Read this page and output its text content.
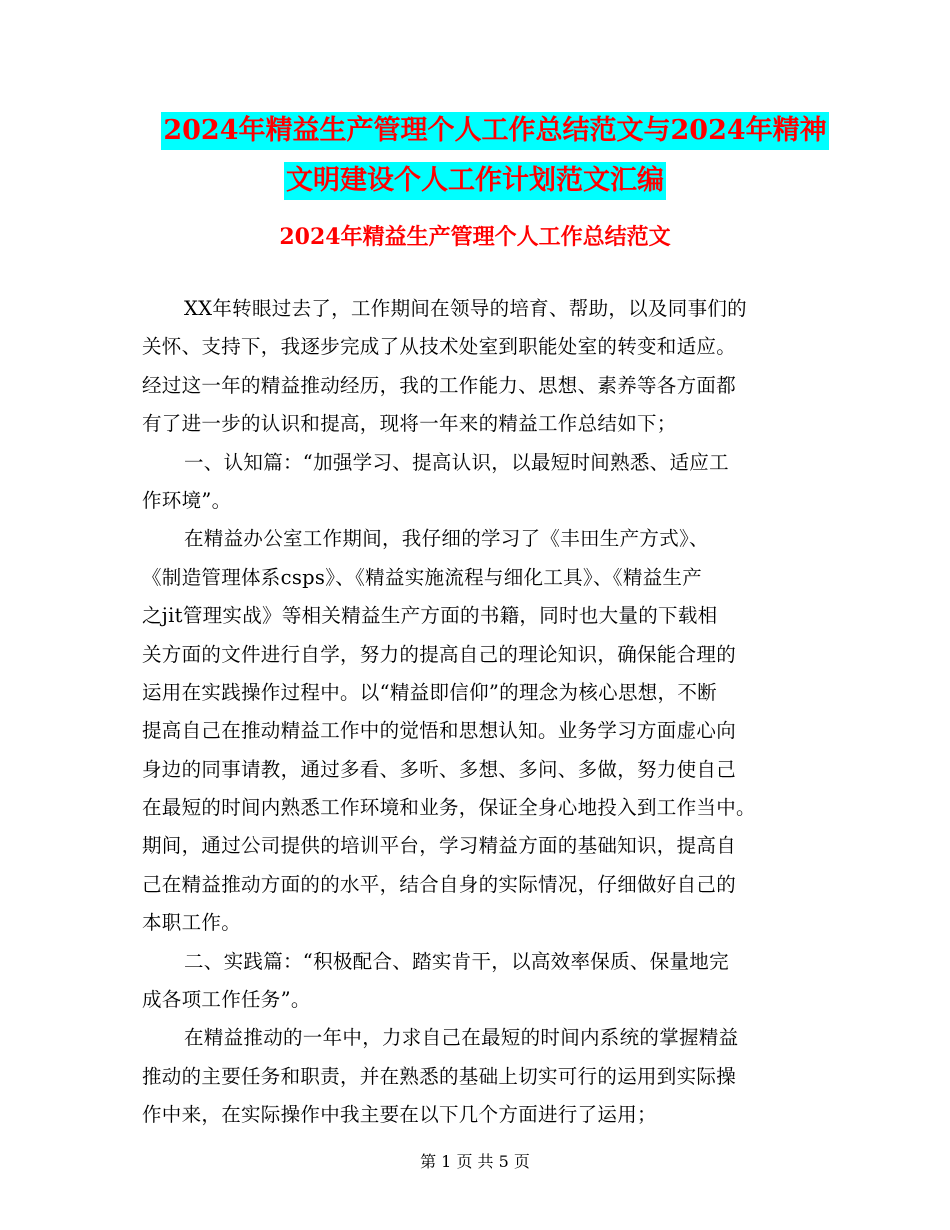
2024年精益生产管理个人工作总结范文与2024年精神
文明建设个人工作计划范文汇编
2024年精益生产管理个人工作总结范文
XX年转眼过去了，工作期间在领导的培育、帮助，以及同事们的
关怀、支持下，我逐步完成了从技术处室到职能处室的转变和适应。
经过这一年的精益推动经历，我的工作能力、思想、素养等各方面都
有了进一步的认识和提高，现将一年来的精益工作总结如下；
一、认知篇：“加强学习、提高认识，以最短时间熟悉、适应工
作环境”。
在精益办公室工作期间，我仔细的学习了《丰田生产方式》、
《制造管理体系csps》、《精益实施流程与细化工具》、《精益生产
之jit管理实战》等相关精益生产方面的书籍，同时也大量的下载相
关方面的文件进行自学，努力的提高自己的理论知识，确保能合理的
运用在实践操作过程中。以“精益即信仰”的理念为核心思想，不断
提高自己在推动精益工作中的觉悟和思想认知。业务学习方面虚心向
身边的同事请教，通过多看、多听、多想、多问、多做，努力使自己
在最短的时间内熟悉工作环境和业务，保证全身心地投入到工作当中。
期间，通过公司提供的培训平台，学习精益方面的基础知识，提高自
己在精益推动方面的的水平，结合自身的实际情况，仔细做好自己的
本职工作。
二、实践篇：“积极配合、踏实肯干，以高效率保质、保量地完
成各项工作任务”。
在精益推动的一年中，力求自己在最短的时间内系统的掌握精益
推动的主要任务和职责，并在熟悉的基础上切实可行的运用到实际操
作中来，在实际操作中我主要在以下几个方面进行了运用；
第 1 页 共 5 页
